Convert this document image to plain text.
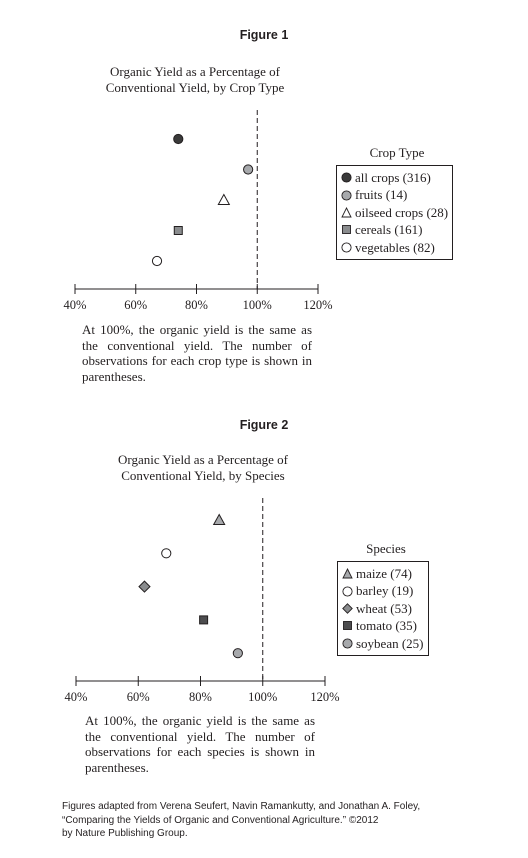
Figure 1
Organic Yield as a Percentage of
Conventional Yield, by Crop Type
40%	60%	80%	100%	120%
Crop Type
all crops (316)
fruits (14)
oilseed crops (28)
cereals (161)
vegetables (82)
At 100%, the organic yield is the same as the conventional yield. The number of observations for each crop type is shown in parentheses.
Figure 2
Organic Yield as a Percentage of
Conventional Yield, by Species
40%	60%	80%	100%	120%
Species
maize (74)
barley (19)
wheat (53)
tomato (35)
soybean (25)
At 100%, the organic yield is the same as the conventional yield. The number of observations for each species is shown in parentheses.
Figures adapted from Verena Seufert, Navin Ramankutty, and Jonathan A. Foley,
“Comparing the Yields of Organic and Conventional Agriculture.” ©2012
by Nature Publishing Group.
